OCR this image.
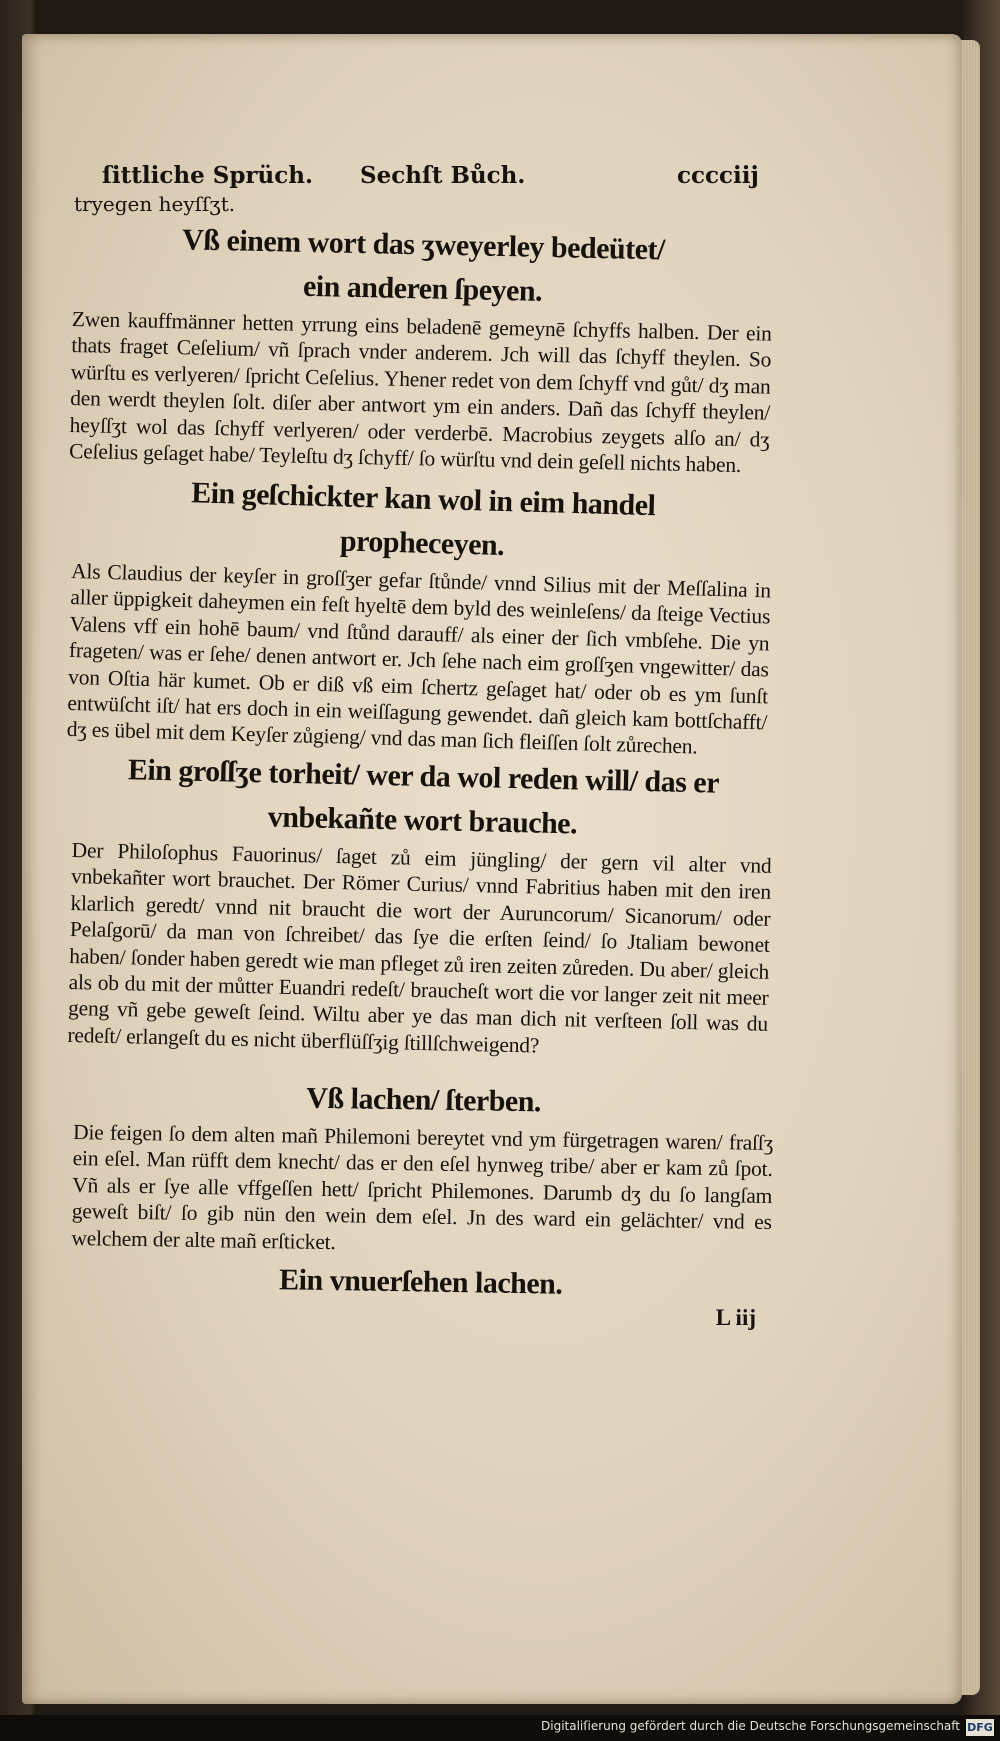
ſittliche Sprüch. Sechſt Bůch.	cccciij
tryegen heyſſʒt.
Vß einem wort das ʒweyerley bedeütet/
ein anderen ſpeyen.

Zwen kauffmänner hetten yrrung eins beladenē gemeynē ſchyffs halben. Der ein thats fraget Ceſelium/ vñ ſprach vnder anderem. Jch will das ſchyff theylen. So würſtu es verlyeren/ ſpricht Ceſelius. Yhener redet von dem ſchyff vnd gůt/ dʒ man den werdt theylen ſolt. diſer aber antwort ym ein anders. Dañ das ſchyff theylen/ heyſſʒt wol das ſchyff verlyeren/ oder verderbē. Macrobius zeygets alſo an/ dʒ Ceſelius geſaget habe/ Teyleſtu dʒ ſchyff/ ſo würſtu vnd dein geſell nichts haben.

Ein geſchickter kan wol in eim handel
propheceyen.

Als Claudius der keyſer in groſſʒer gefar ſtůnde/ vnnd Silius mit der Meſſalina in aller üppigkeit daheymen ein feſt hyeltē dem byld des weinleſens/ da ſteige Vectius Valens vff ein hohē baum/ vnd ſtůnd darauff/ als einer der ſich vmbſehe. Die yn frageten/ was er ſehe/ denen antwort er. Jch ſehe nach eim groſſʒen vngewitter/ das von Oſtia här kumet. Ob er diß vß eim ſchertz geſaget hat/ oder ob es ym ſunſt entwüſcht iſt/ hat ers doch in ein weiſſagung gewendet. dañ gleich kam bottſchafft/ dʒ es übel mit dem Keyſer zůgieng/ vnd das man ſich fleiſſen ſolt zůrechen.

Ein groſſʒe torheit/ wer da wol reden will/ das er
vnbekañte wort brauche.

Der Philoſophus Fauorinus/ ſaget zů eim jüngling/ der gern vil alter vnd vnbekañter wort brauchet. Der Römer Curius/ vnnd Fabritius haben mit den iren klarlich geredt/ vnnd nit braucht die wort der Auruncorum/ Sicanorum/ oder Pelaſgorū/ da man von ſchreibet/ das ſye die erſten ſeind/ ſo Jtaliam bewonet haben/ ſonder haben geredt wie man pfleget zů iren zeiten zůreden. Du aber/ gleich als ob du mit der můtter Euandri redeſt/ braucheſt wort die vor langer zeit nit meer geng vñ gebe geweſt ſeind. Wiltu aber ye das man dich nit verſteen ſoll was du redeſt/ erlangeſt du es nicht überflüſſʒig ſtillſchweigend?

Vß lachen/ ſterben.

Die feigen ſo dem alten mañ Philemoni bereytet vnd ym fürgetragen waren/ fraſſʒ ein eſel. Man rüfft dem knecht/ das er den eſel hynweg tribe/ aber er kam zů ſpot. Vñ als er ſye alle vffgeſſen hett/ ſpricht Philemones. Darumb dʒ du ſo langſam geweſt biſt/ ſo gib nün den wein dem eſel. Jn des ward ein gelächter/ vnd es welchem der alte mañ erſticket.

Ein vnuerſehen lachen.
L iij
Digitaliſierung gefördert durch die Deutsche Forschungsgemeinschaft DFG
